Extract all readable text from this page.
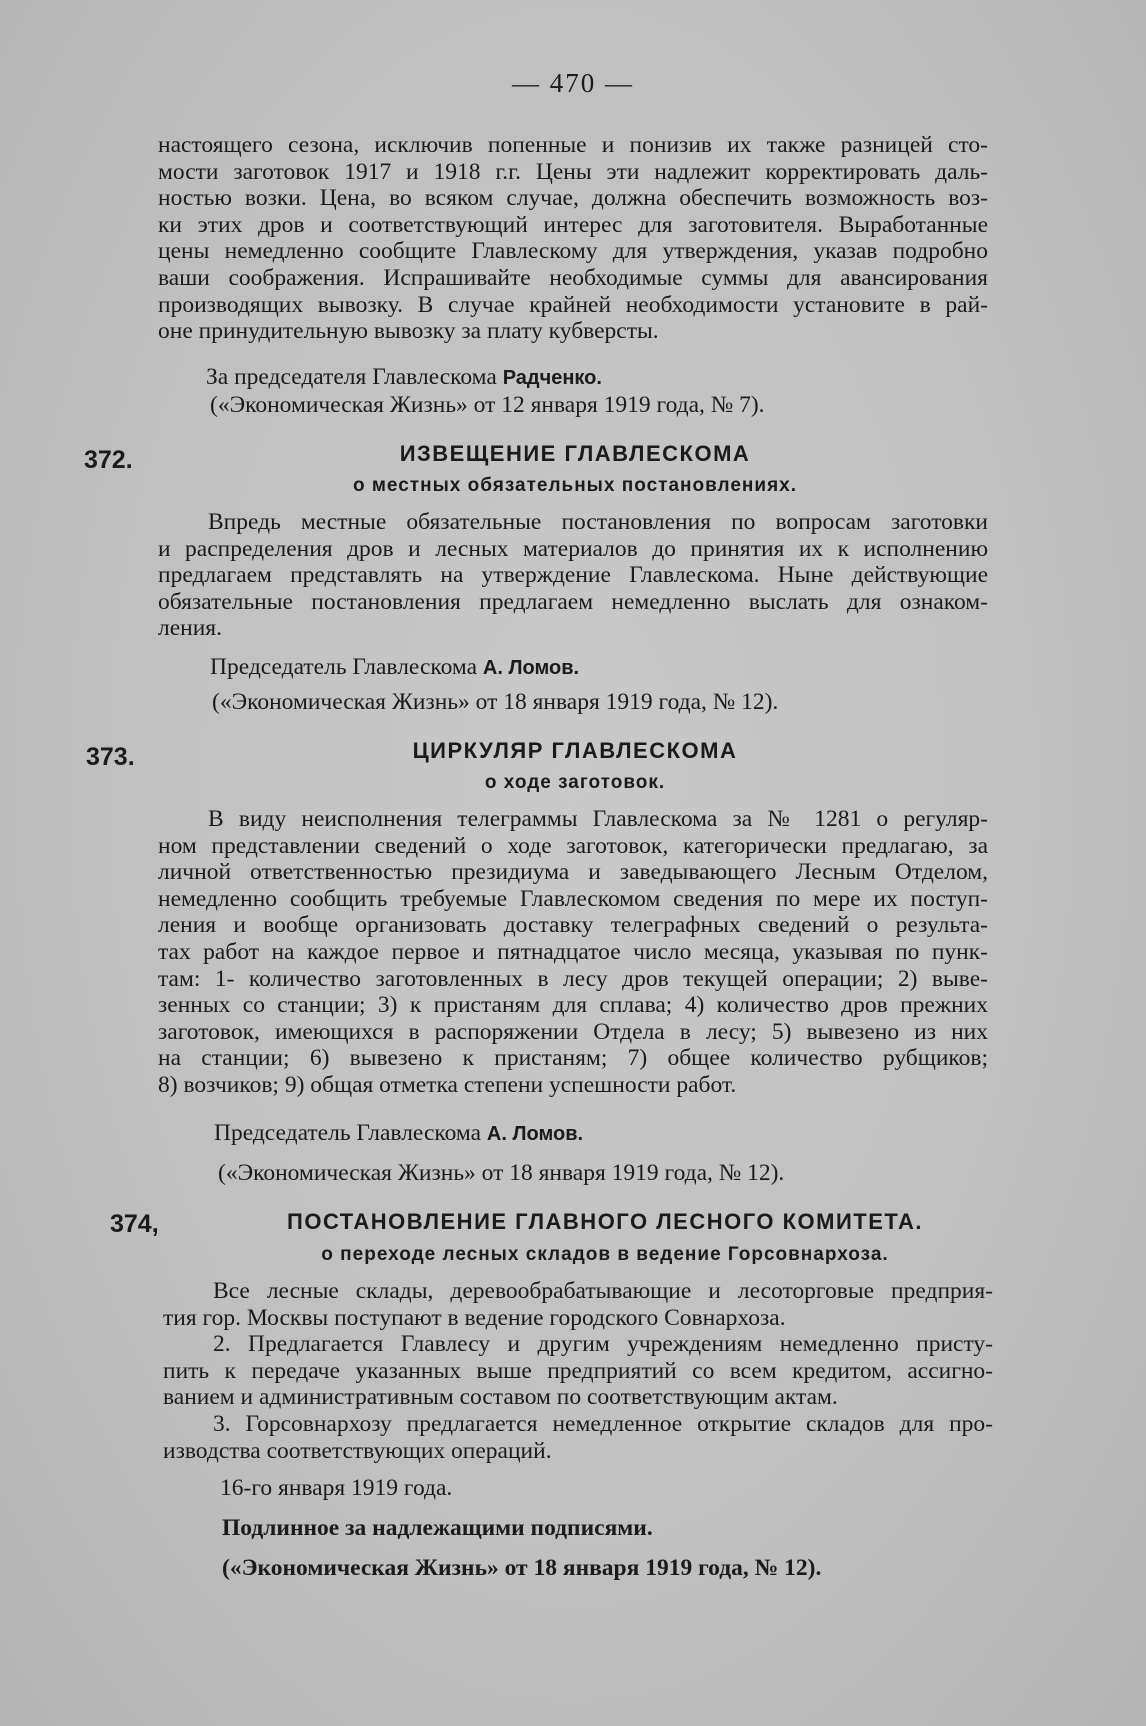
— 470 —
настоящего сезона, исключив попенные и понизив их также разницей сто-
мости заготовок 1917 и 1918 г.г. Цены эти надлежит корректировать даль-
ностью возки. Цена, во всяком случае, должна обеспечить возможность воз-
ки этих дров и соответствующий интерес для заготовителя. Выработанные
цены немедленно сообщите Главлескому для утверждения, указав подробно
ваши соображения. Испрашивайте необходимые суммы для авансирования
производящих вывозку. В случае крайней необходимости установите в рай-
оне принудительную вывозку за плату кубверсты.
За председателя Главлескома Радченко.
(«Экономическая Жизнь» от 12 января 1919 года, № 7).
372.	ИЗВЕЩЕНИЕ ГЛАВЛЕСКОМА
о местных обязательных постановлениях.
Впредь местные обязательные постановления по вопросам заготовки
и распределения дров и лесных материалов до принятия их к исполнению
предлагаем представлять на утверждение Главлескома. Ныне действующие
обязательные постановления предлагаем немедленно выслать для ознаком-
ления.
Председатель Главлескома А. Ломов.
(«Экономическая Жизнь» от 18 января 1919 года, № 12).
373.	ЦИРКУЛЯР ГЛАВЛЕСКОМА
о ходе заготовок.
В виду неисполнения телеграммы Главлескома за № 1281 о регуляр-
ном представлении сведений о ходе заготовок, категорически предлагаю, за
личной ответственностью президиума и заведывающего Лесным Отделом,
немедленно сообщить требуемые Главлескомом сведения по мере их поступ-
ления и вообще организовать доставку телеграфных сведений о результа-
тах работ на каждое первое и пятнадцатое число месяца, указывая по пунк-
там: 1- количество заготовленных в лесу дров текущей операции; 2) выве-
зенных со станции; 3) к пристаням для сплава; 4) количество дров прежних
заготовок, имеющихся в распоряжении Отдела в лесу; 5) вывезено из них
на станции; 6) вывезено к пристаням; 7) общее количество рубщиков;
8) возчиков; 9) общая отметка степени успешности работ.
Председатель Главлескома А. Ломов.
(«Экономическая Жизнь» от 18 января 1919 года, № 12).
374,	ПОСТАНОВЛЕНИЕ ГЛАВНОГО ЛЕСНОГО КОМИТЕТА.
о переходе лесных складов в ведение Горсовнархоза.
Все лесные склады, деревообрабатывающие и лесоторговые предприя-
тия гор. Москвы поступают в ведение городского Совнархоза.
2. Предлагается Главлесу и другим учреждениям немедленно присту-
пить к передаче указанных выше предприятий со всем кредитом, ассигно-
ванием и административным составом по соответствующим актам.
3. Горсовнархозу предлагается немедленное открытие складов для про-
изводства соответствующих операций.
16-го января 1919 года.
Подлинное за надлежащими подписями.
(«Экономическая Жизнь» от 18 января 1919 года, № 12).
